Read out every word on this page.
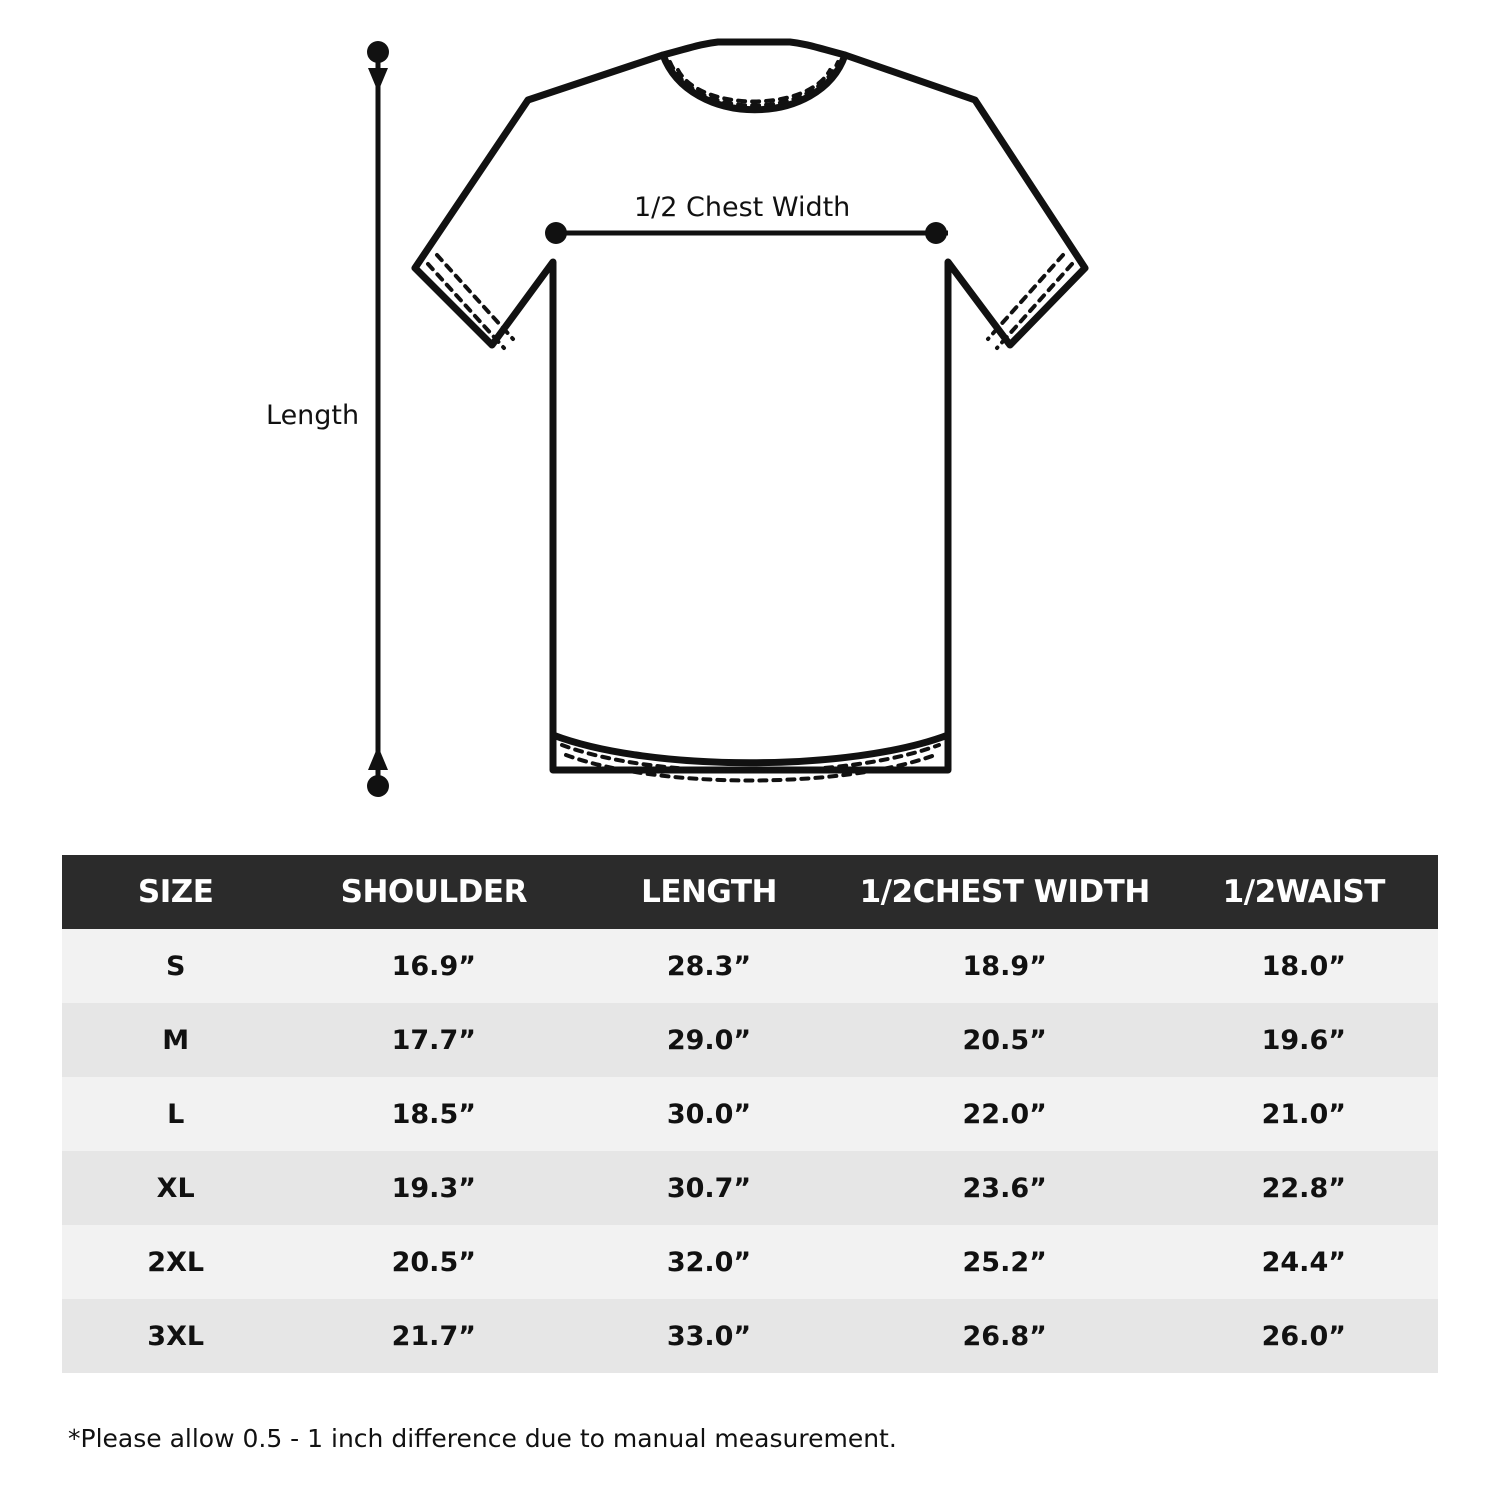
Length
1/2 Chest Width
SIZE	SHOULDER	LENGTH	1/2CHEST WIDTH	1/2WAIST
S	16.9”	28.3”	18.9”	18.0”
M	17.7”	29.0”	20.5”	19.6”
L	18.5”	30.0”	22.0”	21.0”
XL	19.3”	30.7”	23.6”	22.8”
2XL	20.5”	32.0”	25.2”	24.4”
3XL	21.7”	33.0”	26.8”	26.0”
*Please allow 0.5 - 1 inch difference due to manual measurement.
